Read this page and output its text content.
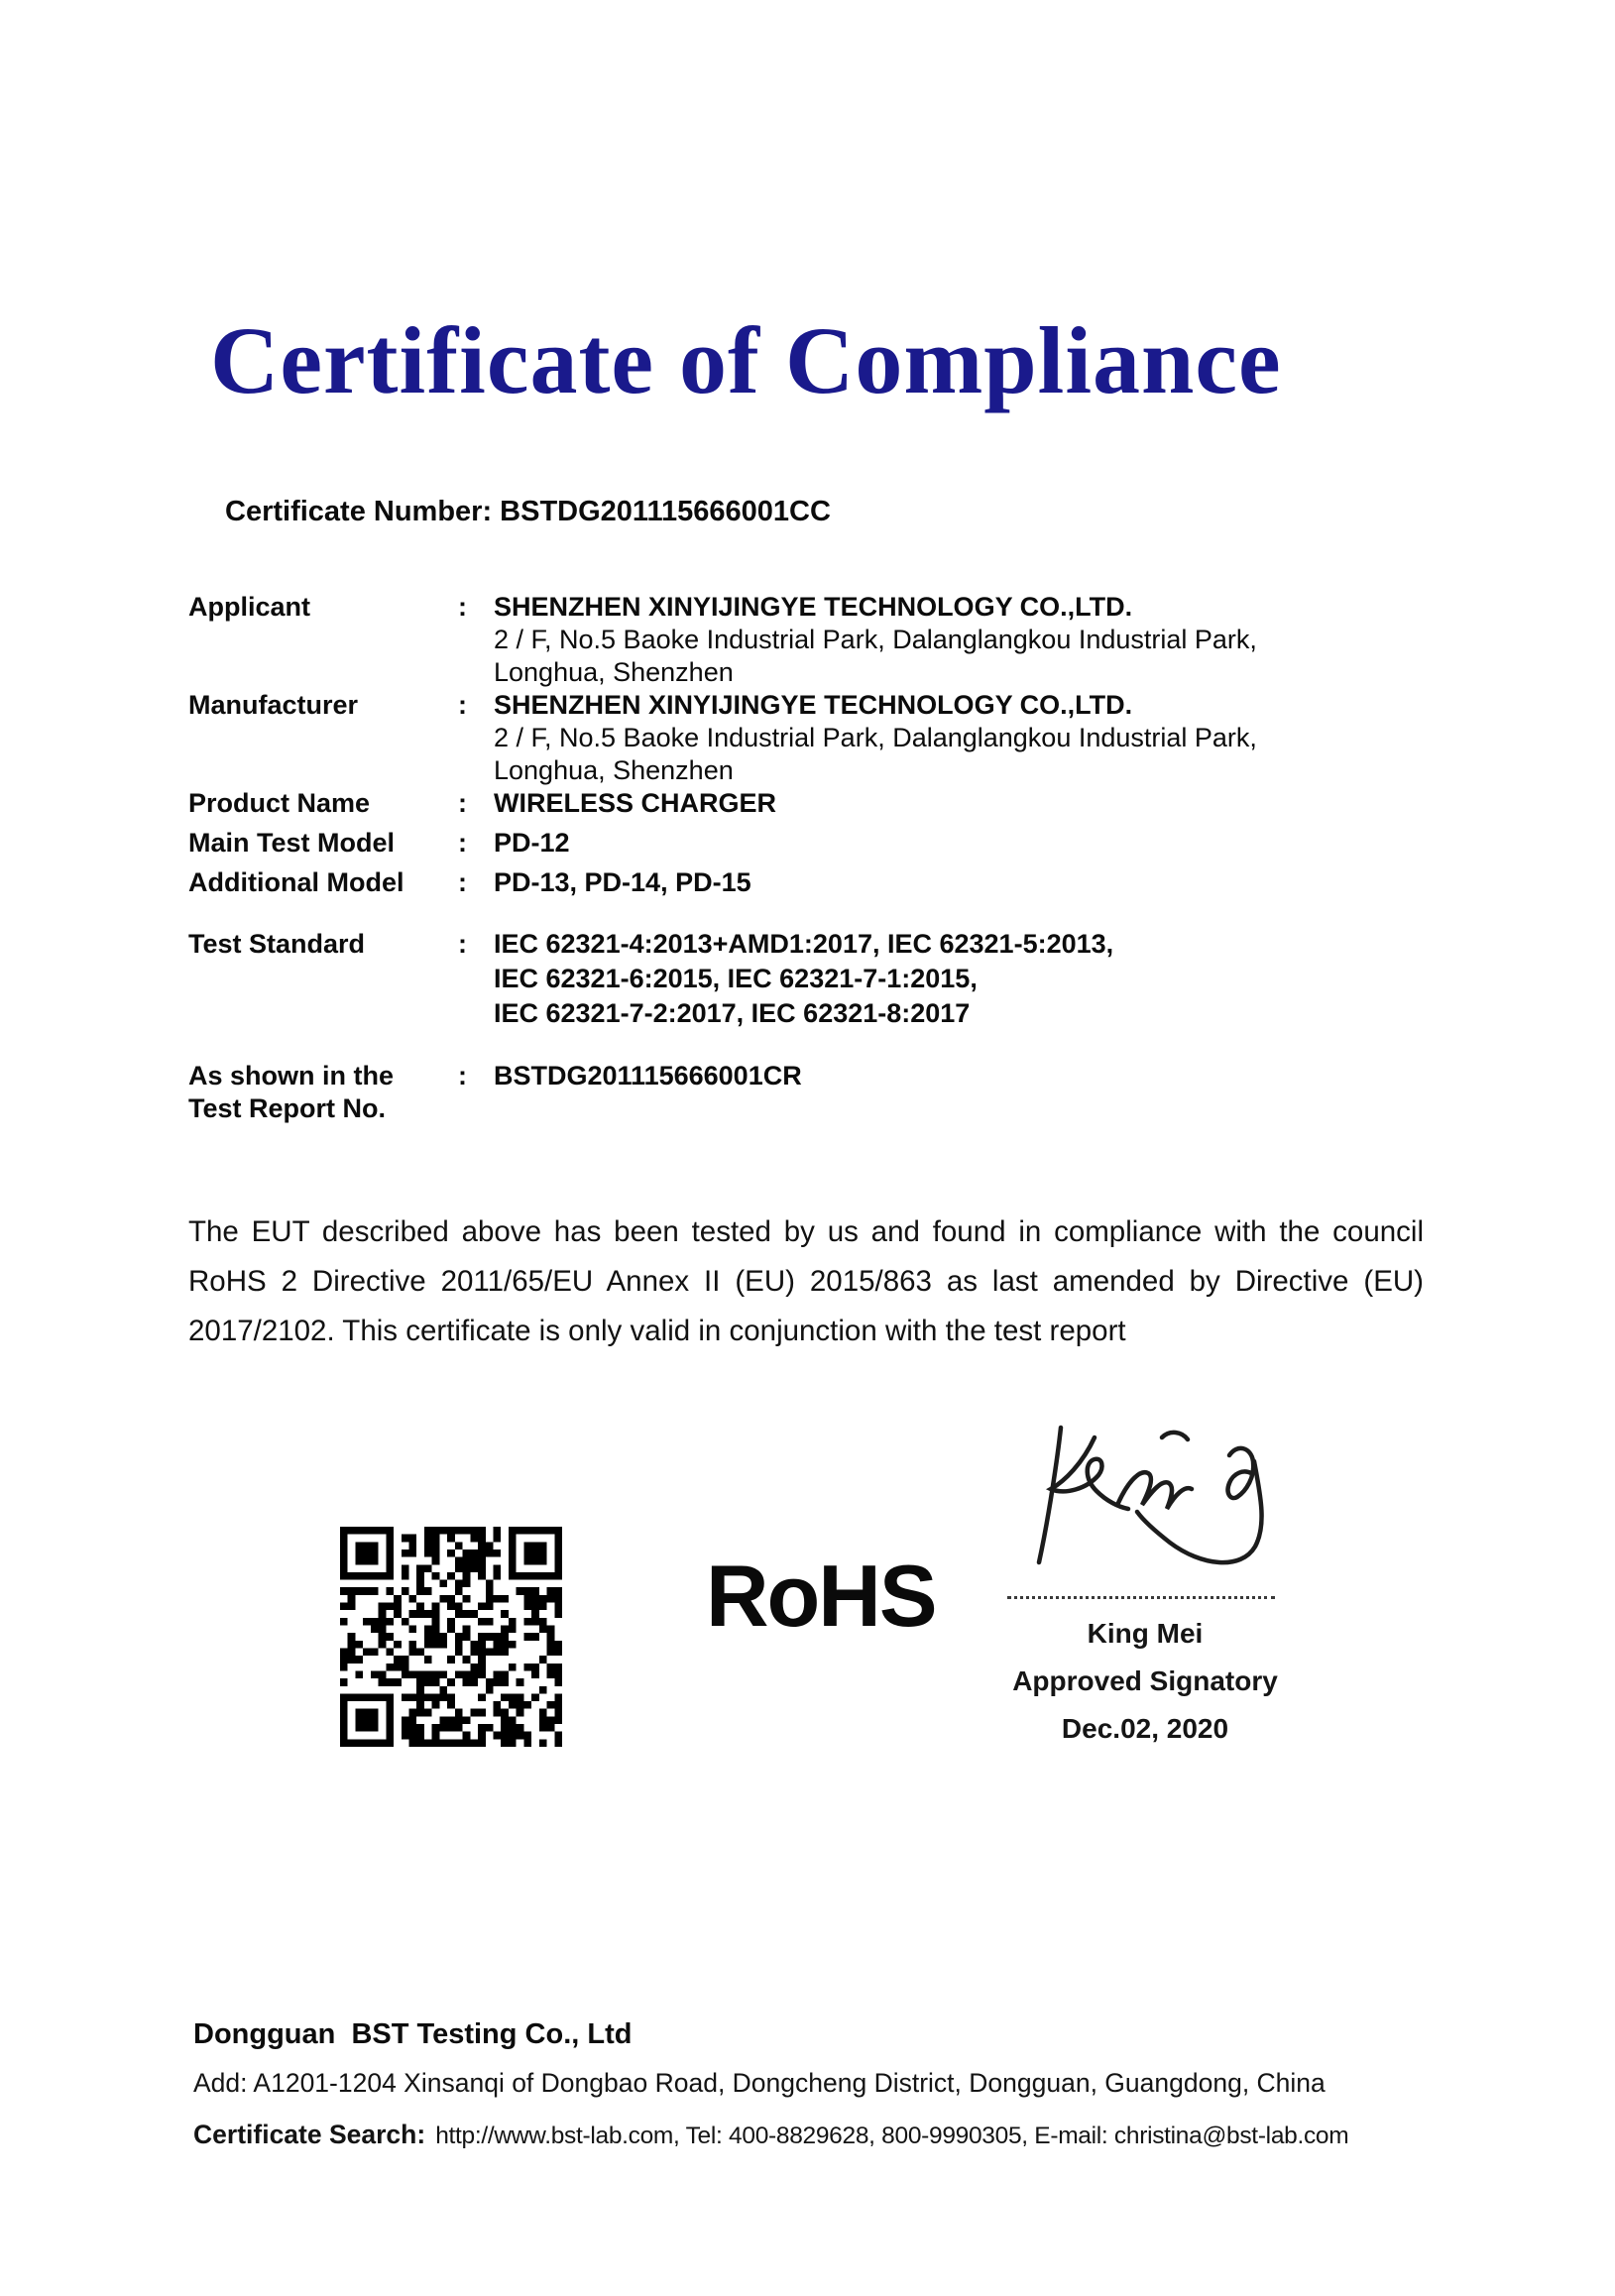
Certificate of Compliance
Certificate Number: BSTDG201115666001CC
Applicant	:	SHENZHEN XINYIJINGYE TECHNOLOGY CO.,LTD.
2 / F, No.5 Baoke Industrial Park, Dalanglangkou Industrial Park,
Longhua, Shenzhen
Manufacturer	:	SHENZHEN XINYIJINGYE TECHNOLOGY CO.,LTD.
2 / F, No.5 Baoke Industrial Park, Dalanglangkou Industrial Park,
Longhua, Shenzhen
Product Name	:	WIRELESS CHARGER
Main Test Model	:	PD-12
Additional Model	:	PD-13, PD-14, PD-15
Test Standard	:	IEC 62321-4:2013+AMD1:2017, IEC 62321-5:2013,
IEC 62321-6:2015, IEC 62321-7-1:2015,
IEC 62321-7-2:2017, IEC 62321-8:2017
As shown in the	:	BSTDG201115666001CR
Test Report No.
The EUT described above has been tested by us and found in compliance with the council RoHS 2 Directive 2011/65/EU Annex II (EU) 2015/863 as last amended by Directive (EU) 2017/2102. This certificate is only valid in conjunction with the test report
RoHS	King Mei
Approved Signatory
Dec.02, 2020
Dongguan  BST Testing Co., Ltd
Add: A1201-1204 Xinsanqi of Dongbao Road, Dongcheng District, Dongguan, Guangdong, China
Certificate Search: http://www.bst-lab.com, Tel: 400-8829628, 800-9990305, E-mail: christina@bst-lab.com
